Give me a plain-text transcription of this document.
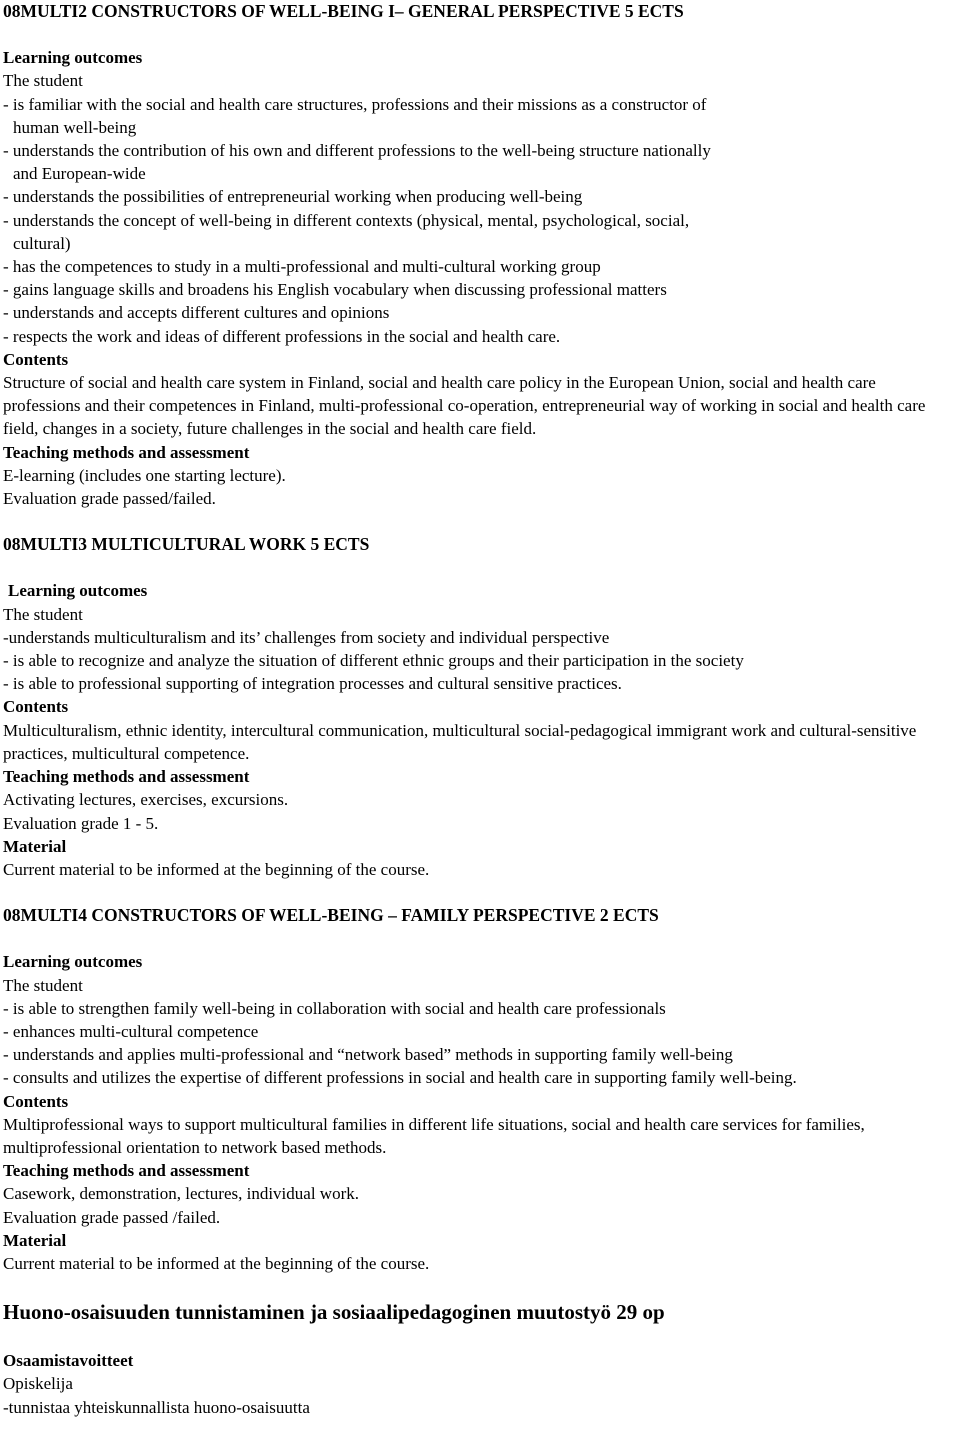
08MULTI2 CONSTRUCTORS OF WELL-BEING I– GENERAL PERSPECTIVE 5 ECTS

Learning outcomes

The student

- is familiar with the social and health care structures, professions and their missions as a constructor of

human well-being

- understands the contribution of his own and different professions to the well-being structure nationally

and European-wide

- understands the possibilities of entrepreneurial working when producing well-being

- understands the concept of well-being in different contexts (physical, mental, psychological, social,

cultural)

- has the competences to study in a multi-professional and multi-cultural working group

- gains language skills and broadens his English vocabulary when discussing professional matters

- understands and accepts different cultures and opinions

- respects the work and ideas of different professions in the social and health care.

Contents

Structure of social and health care system in Finland, social and health care policy in the European Union, social and health care professions and their competences in Finland, multi-professional co-operation, entrepreneurial way of working in social and health care field, changes in a society, future challenges in the social and health care field.

Teaching methods and assessment

E-learning (includes one starting lecture).

Evaluation grade passed/failed.

08MULTI3 MULTICULTURAL WORK 5 ECTS

Learning outcomes

The student

-understands multiculturalism and its’ challenges from society and individual perspective

- is able to recognize and analyze the situation of different ethnic groups and their participation in the society

- is able to professional supporting of integration processes and cultural sensitive practices.

Contents

Multiculturalism, ethnic identity, intercultural communication, multicultural social-pedagogical immigrant work and cultural-sensitive practices, multicultural competence.

Teaching methods and assessment

Activating lectures, exercises, excursions.

Evaluation grade 1 - 5.

Material

Current material to be informed at the beginning of the course.

08MULTI4 CONSTRUCTORS OF WELL-BEING – FAMILY PERSPECTIVE 2 ECTS

Learning outcomes

The student

- is able to strengthen family well-being in collaboration with social and health care professionals

- enhances multi-cultural competence

- understands and applies multi-professional and “network based” methods in supporting family well-being

- consults and utilizes the expertise of different professions in social and health care in supporting family well-being.

Contents

Multiprofessional ways to support multicultural families in different life situations, social and health care services for families, multiprofessional orientation to network based methods.

Teaching methods and assessment

Casework, demonstration, lectures, individual work.

Evaluation grade passed /failed.

Material

Current material to be informed at the beginning of the course.

Huono-osaisuuden tunnistaminen ja sosiaalipedagoginen muutostyö 29 op

Osaamistavoitteet

Opiskelija

-tunnistaa yhteiskunnallista huono-osaisuutta
